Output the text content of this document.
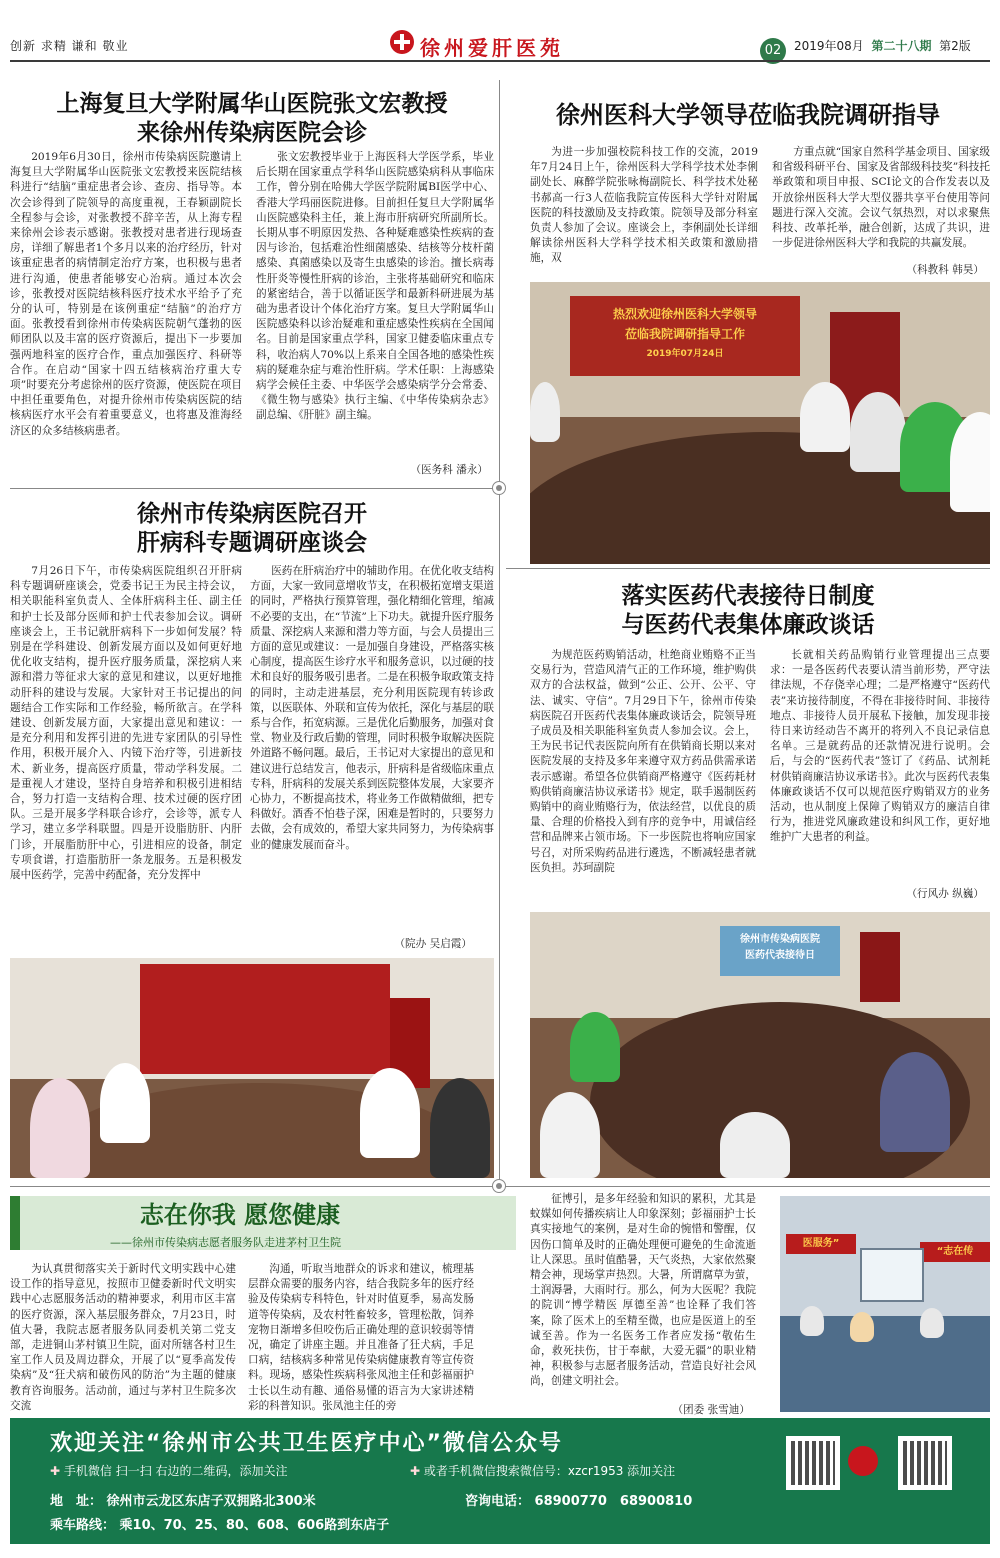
创新 求精 谦和 敬业	徐州爱肝医苑	02	2019年08月 第二十八期 第2版
上海复旦大学附属华山医院张文宏教授
来徐州传染病医院会诊

2019年6月30日，徐州市传染病医院邀请上海复旦大学附属华山医院张文宏教授来医院结核科进行“结脑”重症患者会诊、查房、指导等。本次会诊得到了院领导的高度重视，王春颖副院长全程参与会诊，对张教授不辞辛苦，从上海专程来徐州会诊表示感谢。张教授对患者进行现场查房，详细了解患者1个多月以来的治疗经历，针对该重症患者的病情制定治疗方案，也积极与患者进行沟通，使患者能够安心治病。通过本次会诊，张教授对医院结核科医疗技术水平给予了充分的认可，特别是在该例重症“结脑”的治疗方面。张教授看到徐州市传染病医院朝气蓬勃的医师团队以及丰富的医疗资源后，提出下一步要加强两地科室的医疗合作，重点加强医疗、科研等合作。在启动“国家十四五结核病治疗重大专项”时要充分考虑徐州的医疗资源，使医院在项目中担任重要角色，对提升徐州市传染病医院的结核病医疗水平会有着重要意义，也将惠及淮海经济区的众多结核病患者。

张文宏教授毕业于上海医科大学医学系，毕业后长期在国家重点学科华山医院感染病科从事临床工作，曾分别在哈佛大学医学院附属BI医学中心、香港大学玛丽医院进修。目前担任复旦大学附属华山医院感染科主任，兼上海市肝病研究所副所长。长期从事不明原因发热、各种疑难感染性疾病的查因与诊治，包括难治性细菌感染、结核等分枝杆菌感染、真菌感染以及寄生虫感染的诊治。擅长病毒性肝炎等慢性肝病的诊治，主张将基础研究和临床的紧密结合，善于以循证医学和最新科研进展为基础为患者设计个体化治疗方案。复旦大学附属华山医院感染科以诊治疑难和重症感染性疾病在全国闻名。目前是国家重点学科，国家卫健委临床重点专科，收治病人70%以上系来自全国各地的感染性疾病的疑难杂症与难治性肝病。学术任职：上海感染病学会候任主委、中华医学会感染病学分会常委、《微生物与感染》执行主编、《中华传染病杂志》副总编、《肝脏》副主编。

（医务科 潘永）
徐州医科大学领导莅临我院调研指导

为进一步加强校院科技工作的交流，2019年7月24日上午，徐州医科大学科学技术处李俐副处长、麻醉学院张咏梅副院长、科学技术处秘书郝高一行3人莅临我院宣传医科大学针对附属医院的科技激励及支持政策。院领导及部分科室负责人参加了会议。座谈会上，李俐副处长详细解读徐州医科大学科学技术相关政策和激励措施，双

方重点就“国家自然科学基金项目、国家级和省级科研平台、国家及省部级科技奖”科技托举政策和项目申报、SCI论文的合作发表以及开放徐州医科大学大型仪器共享平台使用等问题进行深入交流。会议气氛热烈，对以求聚焦科技、改革托举，融合创新，达成了共识，进一步促进徐州医科大学和我院的共赢发展。

（科教科 韩昊）
热烈欢迎徐州医科大学领导
莅临我院调研指导工作
2019年07月24日
徐州市传染病医院召开
肝病科专题调研座谈会

7月26日下午，市传染病医院组织召开肝病科专题调研座谈会，党委书记王为民主持会议，相关职能科室负责人、全体肝病科主任、副主任和护士长及部分医师和护士代表参加会议。调研座谈会上，王书记就肝病科下一步如何发展？特别是在学科建设、创新发展方面以及如何更好地优化收支结构，提升医疗服务质量，深挖病人来源和潜力等征求大家的意见和建议，以更好地推动肝科的建设与发展。大家针对王书记提出的问题结合工作实际和工作经验，畅所欲言。在学科建设、创新发展方面，大家提出意见和建议：一是充分利用和发挥引进的先进专家团队的引导性作用，积极开展介入、内镜下治疗等，引进新技术、新业务，提高医疗质量，带动学科发展。二是重视人才建设，坚持自身培养和积极引进相结合，努力打造一支结构合理、技术过硬的医疗团队。三是开展多学科联合诊疗，会诊等，派专人学习，建立多学科联盟。四是开设脂肪肝、内肝门诊，开展脂肪肝中心，引进相应的设备，制定专项食谱，打造脂肪肝一条龙服务。五是积极发展中医药学，完善中药配备，充分发挥中

医药在肝病治疗中的辅助作用。在优化收支结构方面，大家一致同意增收节支，在积极拓宽增支渠道的同时，严格执行预算管理，强化精细化管理，缩减不必要的支出，在“节流”上下功夫。就提升医疗服务质量、深挖病人来源和潜力等方面，与会人员提出三方面的意见或建议：一是加强自身建设，严格落实核心制度，提高医生诊疗水平和服务意识，以过硬的技术和良好的服务吸引患者。二是在积极争取政策支持的同时，主动走进基层，充分利用医院现有转诊政策，以医联体、外联和宣传为依托，深化与基层的联系与合作，拓宽病源。三是优化后勤服务，加强对食堂、物业及行政后勤的管理，同时积极争取解决医院外道路不畅问题。最后，王书记对大家提出的意见和建议进行总结发言，他表示，肝病科是省级临床重点专科，肝病科的发展关系到医院整体发展，大家要齐心协力，不断提高技术，将业务工作做精做细，把专科做好。酒香不怕巷子深，困难是暂时的，只要努力去做，会有成效的，希望大家共同努力，为传染病事业的健康发展而奋斗。

（院办 吴启霞）
落实医药代表接待日制度
与医药代表集体廉政谈话

为规范医药购销活动，杜绝商业贿赂不正当交易行为，营造风清气正的工作环境，维护购供双方的合法权益，做到“公正、公开、公平、守法、诚实、守信”。7月29日下午，徐州市传染病医院召开医药代表集体廉政谈话会，院领导班子成员及相关职能科室负责人参加会议。会上，王为民书记代表医院向所有在供销商长期以来对医院发展的支持及多年来遵守双方药品供需承诺表示感谢。希望各位供销商严格遵守《医药耗材购供销商廉洁协议承诺书》规定，联手遏制医药购销中的商业贿赂行为，依法经营，以优良的质量、合理的价格投入到有序的竞争中，用诚信经营和品牌来占领市场。下一步医院也将响应国家号召，对所采购药品进行遴选，不断减轻患者就医负担。苏珂副院

长就相关药品购销行业管理提出三点要求：一是各医药代表要认清当前形势，严守法律法规，不存侥幸心理；二是严格遵守“医药代表”来访接待制度，不得在非接待时间、非接待地点、非接待人员开展私下接触，加发现非接待日来访经动告不离开的将列入不良记录信息名单。三是就药品的还款情况进行说明。会后，与会的“医药代表”签订了《药品、试剂耗材供销商廉洁协议承诺书》。此次与医药代表集体廉政谈话不仅可以规范医疗购销双方的业务活动，也从制度上保障了购销双方的廉洁自律行为，推进党风廉政建设和纠风工作，更好地维护广大患者的利益。

（行风办 纵巍）
徐州市传染病医院
医药代表接待日
志在你我 愿您健康
——徐州市传染病志愿者服务队走进茅村卫生院

为认真贯彻落实关于新时代文明实践中心建设工作的指导意见，按照市卫健委新时代文明实践中心志愿服务活动的精神要求，利用市区丰富的医疗资源，深入基层服务群众，7月23日，时值大暑，我院志愿者服务队同委机关第二党支部，走进铜山茅村镇卫生院，面对所辖各村卫生室工作人员及周边群众，开展了以“夏季高发传染病”及“狂犬病和破伤风的防治”为主题的健康教育咨询服务。活动前，通过与茅村卫生院多次交流

沟通，听取当地群众的诉求和建议，梳理基层群众需要的服务内容，结合我院多年的医疗经验及传染病专科特色，针对时值夏季，易高发肠道等传染病，及农村牲畜较多，管理松散，饲养宠物日渐增多但咬伤后正确处理的意识较弱等情况，确定了讲座主题。并且准备了狂犬病，手足口病，结核病多种常见传染病健康教育等宣传资料。现场，感染性疾病科张凤池主任和彭福丽护士长以生动有趣、通俗易懂的语言为大家讲述精彩的科普知识。张凤池主任的旁

征博引，是多年经验和知识的累积，尤其是蚊媒如何传播疾病让人印象深刻；彭福丽护士长真实接地气的案例，是对生命的惋惜和警醒，仅因伤口简单及时的正确处理便可避免的生命流逝让人深思。虽时值酷暑，天气炎热，大家依然聚精会神，现场掌声热烈。大暑，所谓腐草为萤，土润溽暑，大雨时行。那么，何为大医呢？我院的院训“博学精医 厚德至善”也诠释了我们答案，除了医术上的至精至微，也应是医道上的至诚至善。作为一名医务工作者应发扬“敬佑生命，救死扶伤，甘于奉献，大爱无疆”的职业精神，积极参与志愿者服务活动，营造良好社会风尚，创建文明社会。

（团委 张雪迪）
医服务”
“志在传
欢迎关注“徐州市公共卫生医疗中心”微信公众号
✚ 手机微信 扫一扫 右边的二维码，添加关注	✚ 或者手机微信搜索微信号：xzcr1953 添加关注
地　址： 徐州市云龙区东店子双拥路北300米	咨询电话： 68900770　68900810
乘车路线： 乘10、70、25、80、608、606路到东店子
